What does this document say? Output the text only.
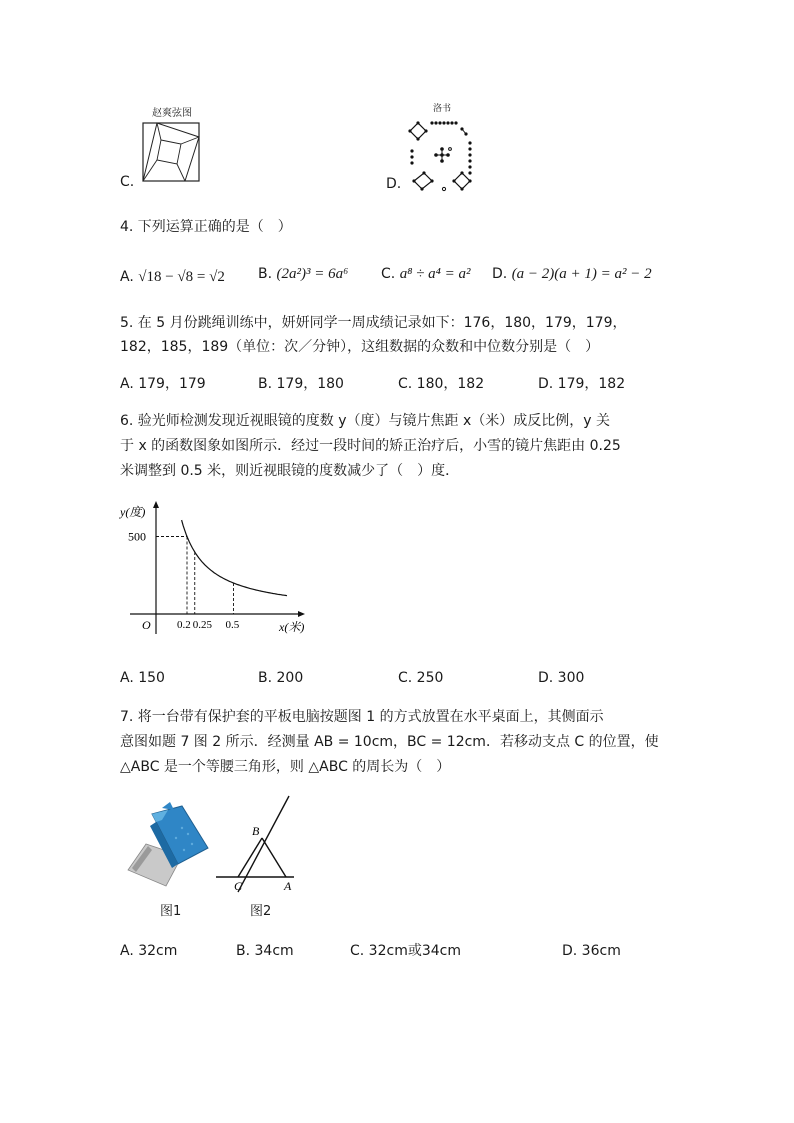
C.
赵爽弦图
D.
洛书
4. 下列运算正确的是（　）
A. √18 − √8 = √2 B. (2a²)³ = 6a⁶ C. a⁸ ÷ a⁴ = a² D. (a − 2)(a + 1) = a² − 2
5. 在 5 月份跳绳训练中，妍妍同学一周成绩记录如下：176，180，179，179，
182，185，189（单位：次／分钟），这组数据的众数和中位数分别是（　）
A. 179，179	B. 179，180	C. 180，182	D. 179，182
6. 验光师检测发现近视眼镜的度数 y（度）与镜片焦距 x（米）成反比例，y 关
于 x 的函数图象如图所示．经过一段时间的矫正治疗后，小雪的镜片焦距由 0.25
米调整到 0.5 米，则近视眼镜的度数减少了（　）度．
y(度)
x(米)
O
500
0.2 0.25 0.5
A. 150	B. 200	C. 250	D. 300
7. 将一台带有保护套的平板电脑按题图 1 的方式放置在水平桌面上，其侧面示
意图如题 7 图 2 所示．经测量 AB = 10cm，BC = 12cm．若移动支点 C 的位置，使
△ABC 是一个等腰三角形，则 △ABC 的周长为（　）
图1
B
C	A
图2
A. 32cm	B. 34cm	C. 32cm或34cm	D. 36cm
